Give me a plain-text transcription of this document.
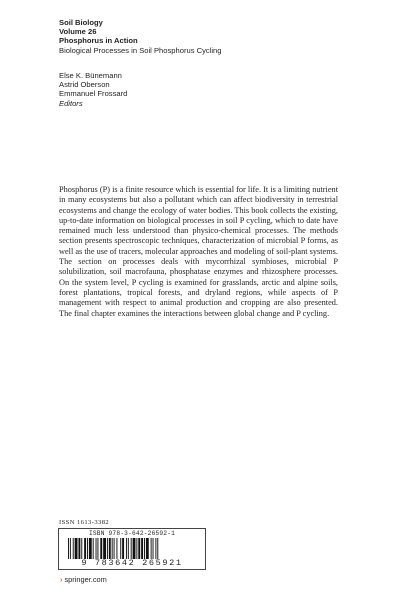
Soil Biology
Volume 26
Phosphorus in Action
Biological Processes in Soil Phosphorus Cycling
Else K. Bünemann
Astrid Oberson
Emmanuel Frossard
Editors

Phosphorus (P) is a finite resource which is essential for life. It is a limiting nutrient in many ecosystems but also a pollutant which can affect biodiversity in terrestrial ecosystems and change the ecology of water bodies. This book collects the existing, up-to-date information on biological processes in soil P cycling, which to date have remained much less understood than physico-chemical processes. The methods section presents spectroscopic techniques, characterization of microbial P forms, as well as the use of tracers, molecular approaches and modeling of soil-plant systems. The section on processes deals with mycorrhizal symbioses, microbial P solubilization, soil macrofauna, phosphatase enzymes and rhizosphere processes. On the system level, P cycling is examined for grasslands, arctic and alpine soils, forest plantations, tropical forests, and dryland regions, while aspects of P management with respect to animal production and cropping are also presented. The final chapter examines the interactions between global change and P cycling.

ISSN 1613-3382
ISBN 978-3-642-26592-1
9 783642 265921
› springer.com
